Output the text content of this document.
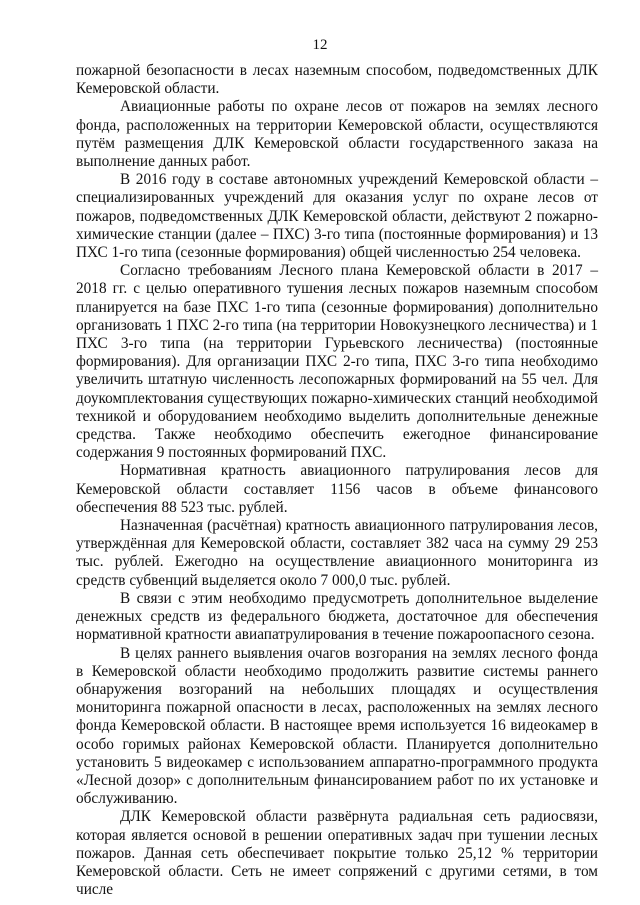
12

пожарной безопасности в лесах наземным способом, подведомственных ДЛК Кемеровской области.

Авиационные работы по охране лесов от пожаров на землях лесного фонда, расположенных на территории Кемеровской области, осуществляются путём размещения ДЛК Кемеровской области государственного заказа на выполнение данных работ.

В 2016 году в составе автономных учреждений Кемеровской области – специализированных учреждений для оказания услуг по охране лесов от пожаров, подведомственных ДЛК Кемеровской области, действуют 2 пожарно-химические станции (далее – ПХС) 3-го типа (постоянные формирования) и 13 ПХС 1-го типа (сезонные формирования) общей численностью 254 человека.

Согласно требованиям Лесного плана Кемеровской области в 2017 – 2018 гг. с целью оперативного тушения лесных пожаров наземным способом планируется на базе ПХС 1-го типа (сезонные формирования) дополнительно организовать 1 ПХС 2-го типа (на территории Новокузнецкого лесничества) и 1 ПХС 3-го типа (на территории Гурьевского лесничества) (постоянные формирования). Для организации ПХС 2-го типа, ПХС 3-го типа необходимо увеличить штатную численность лесопожарных формирований на 55 чел. Для доукомплектования существующих пожарно-химических станций необходимой техникой и оборудованием необходимо выделить дополнительные денежные средства. Также необходимо обеспечить ежегодное финансирование содержания 9 постоянных формирований ПХС.

Нормативная кратность авиационного патрулирования лесов для Кемеровской области составляет 1156 часов в объеме финансового обеспечения 88 523 тыс. рублей.

Назначенная (расчётная) кратность авиационного патрулирования лесов, утверждённая для Кемеровской области, составляет 382 часа на сумму 29 253 тыс. рублей. Ежегодно на осуществление авиационного мониторинга из средств субвенций выделяется около 7 000,0 тыс. рублей.

В связи с этим необходимо предусмотреть дополнительное выделение денежных средств из федерального бюджета, достаточное для обеспечения нормативной кратности авиапатрулирования в течение пожароопасного сезона.

В целях раннего выявления очагов возгорания на землях лесного фонда в Кемеровской области необходимо продолжить развитие системы раннего обнаружения возгораний на небольших площадях и осуществления мониторинга пожарной опасности в лесах, расположенных на землях лесного фонда Кемеровской области. В настоящее время используется 16 видеокамер в особо горимых районах Кемеровской области. Планируется дополнительно установить 5 видеокамер с использованием аппаратно-программного продукта «Лесной дозор» с дополнительным финансированием работ по их установке и обслуживанию.

ДЛК Кемеровской области развёрнута радиальная сеть радиосвязи, которая является основой в решении оперативных задач при тушении лесных пожаров. Данная сеть обеспечивает покрытие только 25,12 % территории Кемеровской области. Сеть не имеет сопряжений с другими сетями, в том числе
